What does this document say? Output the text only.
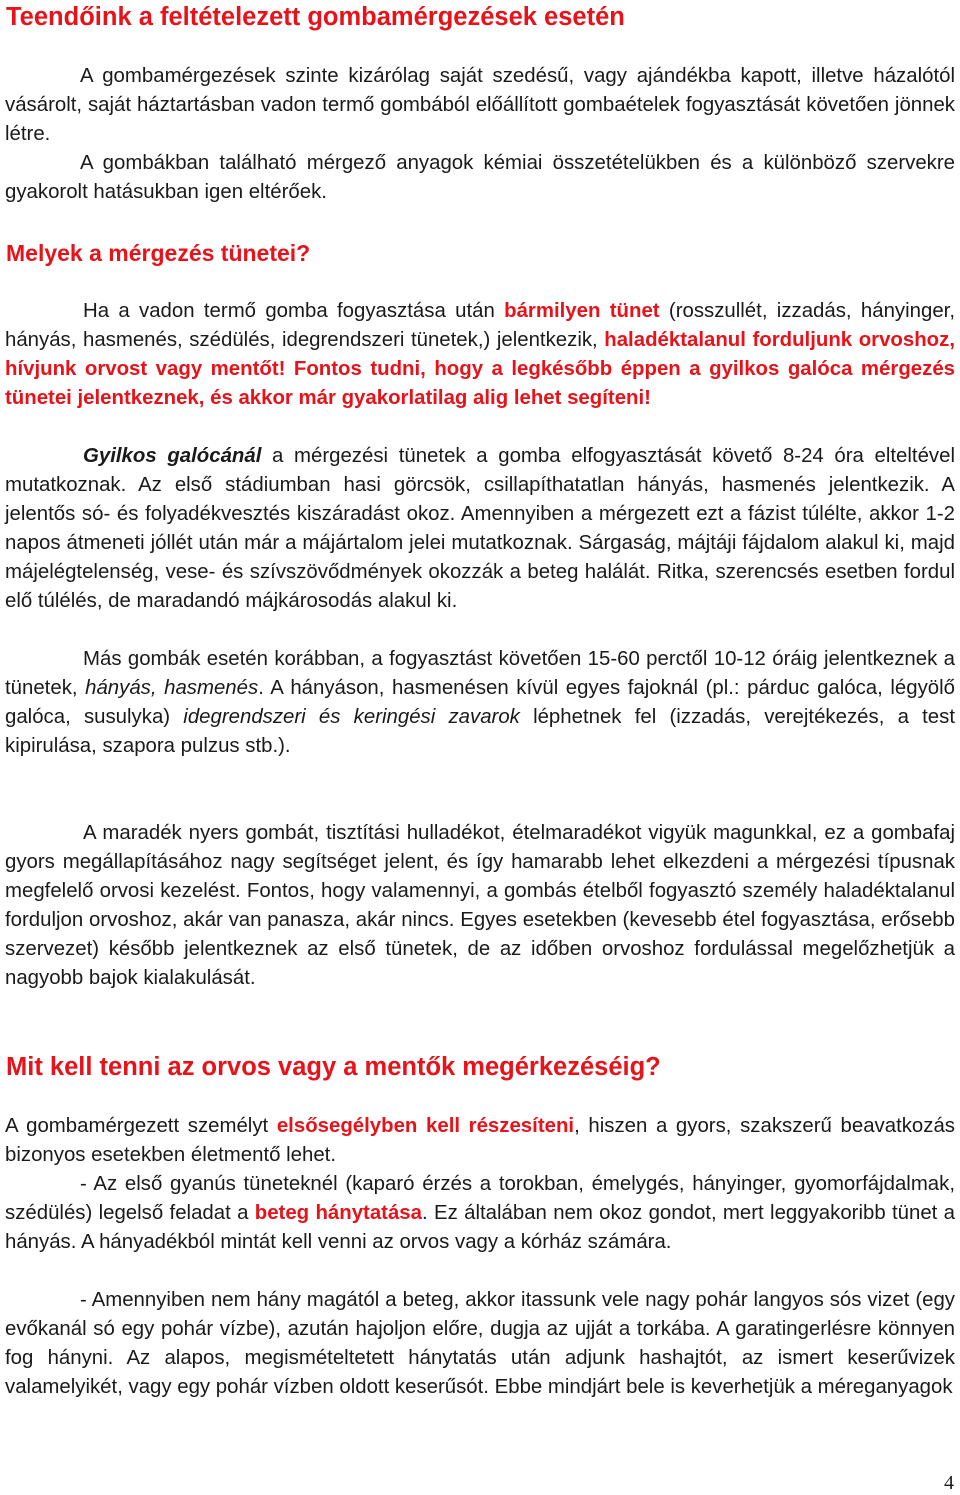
Teendőink a feltételezett gombamérgezések esetén

A gombamérgezések szinte kizárólag saját szedésű, vagy ajándékba kapott, illetve házalótól vásárolt, saját háztartásban vadon termő gombából előállított gombaételek fogyasztását követően jönnek létre.

A gombákban található mérgező anyagok kémiai összetételükben és a különböző szervekre gyakorolt hatásukban igen eltérőek.

Melyek a mérgezés tünetei?

Ha a vadon termő gomba fogyasztása után bármilyen tünet (rosszullét, izzadás, hányinger, hányás, hasmenés, szédülés, idegrendszeri tünetek,) jelentkezik, haladéktalanul forduljunk orvoshoz, hívjunk orvost vagy mentőt! Fontos tudni, hogy a legkésőbb éppen a gyilkos galóca mérgezés tünetei jelentkeznek, és akkor már gyakorlatilag alig lehet segíteni!

Gyilkos galócánál a mérgezési tünetek a gomba elfogyasztását követő 8-24 óra elteltével mutatkoznak. Az első stádiumban hasi görcsök, csillapíthatatlan hányás, hasmenés jelentkezik. A jelentős só- és folyadékvesztés kiszáradást okoz. Amennyiben a mérgezett ezt a fázist túlélte, akkor 1-2 napos átmeneti jóllét után már a májártalom jelei mutatkoznak. Sárgaság, májtáji fájdalom alakul ki, majd májelégtelenség, vese- és szívszövődmények okozzák a beteg halálát. Ritka, szerencsés esetben fordul elő túlélés, de maradandó májkárosodás alakul ki.

Más gombák esetén korábban, a fogyasztást követően 15-60 perctől 10-12 óráig jelentkeznek a tünetek, hányás, hasmenés. A hányáson, hasmenésen kívül egyes fajoknál (pl.: párduc galóca, légyölő galóca, susulyka) idegrendszeri és keringési zavarok léphetnek fel (izzadás, verejtékezés, a test kipirulása, szapora pulzus stb.).

A maradék nyers gombát, tisztítási hulladékot, ételmaradékot vigyük magunkkal, ez a gombafaj gyors megállapításához nagy segítséget jelent, és így hamarabb lehet elkezdeni a mérgezési típusnak megfelelő orvosi kezelést. Fontos, hogy valamennyi, a gombás ételből fogyasztó személy haladéktalanul forduljon orvoshoz, akár van panasza, akár nincs. Egyes esetekben (kevesebb étel fogyasztása, erősebb szervezet) később jelentkeznek az első tünetek, de az időben orvoshoz fordulással megelőzhetjük a nagyobb bajok kialakulását.

Mit kell tenni az orvos vagy a mentők megérkezéséig?

A gombamérgezett személyt elsősegélyben kell részesíteni, hiszen a gyors, szakszerű beavatkozás bizonyos esetekben életmentő lehet.

- Az első gyanús tüneteknél (kaparó érzés a torokban, émelygés, hányinger, gyomorfájdalmak, szédülés) legelső feladat a beteg hánytatása. Ez általában nem okoz gondot, mert leggyakoribb tünet a hányás. A hányadékból mintát kell venni az orvos vagy a kórház számára.

- Amennyiben nem hány magától a beteg, akkor itassunk vele nagy pohár langyos sós vizet (egy evőkanál só egy pohár vízbe), azután hajoljon előre, dugja az ujját a torkába. A garatingerlésre könnyen fog hányni. Az alapos, megismételtetett hánytatás után adjunk hashajtót, az ismert keserűvizek valamelyikét, vagy egy pohár vízben oldott keserűsót. Ebbe mindjárt bele is keverhetjük a méreganyagok

4
